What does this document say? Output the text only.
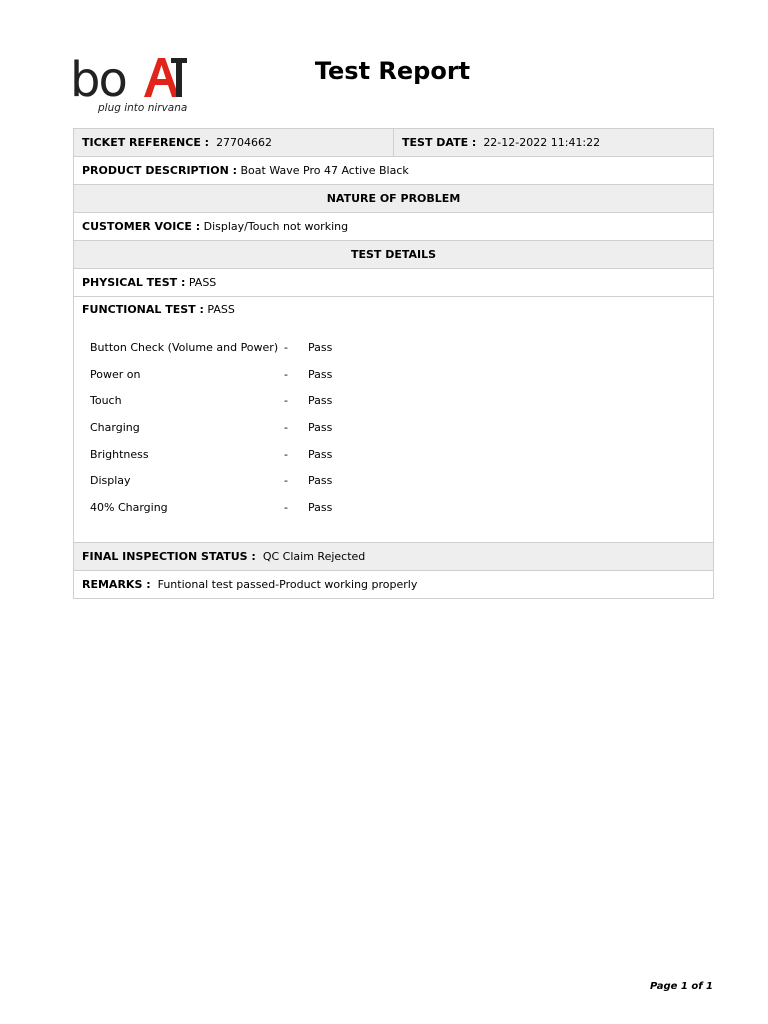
bo
plug into nirvana
Test Report
TICKET REFERENCE : 27704662	TEST DATE : 22-12-2022 11:41:22
PRODUCT DESCRIPTION : Boat Wave Pro 47 Active Black
NATURE OF PROBLEM
CUSTOMER VOICE : Display/Touch not working
TEST DETAILS
PHYSICAL TEST : PASS
FUNCTIONAL TEST : PASS
Button Check (Volume and Power) -	Pass
Power on	-	Pass
Touch	-	Pass
Charging	-	Pass
Brightness	-	Pass
Display	-	Pass
40% Charging	-	Pass

FINAL INSPECTION STATUS : QC Claim Rejected
REMARKS : Funtional test passed-Product working properly
Page 1 of 1
